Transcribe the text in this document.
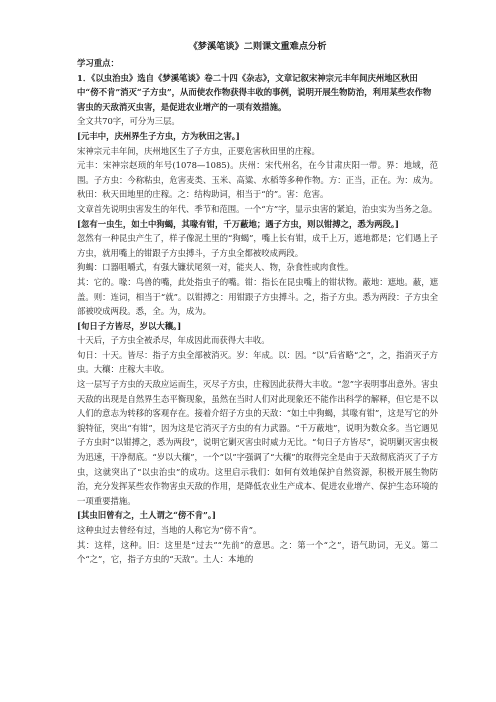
《梦溪笔谈》二则课文重难点分析
学习重点：
1．《以虫治虫》选自《梦溪笔谈》卷二十四《杂志》，文章记叙宋神宗元丰年间庆州地区秋田中“傍不肯”消灭“子方虫”，从而使农作物获得丰收的事例，说明开展生物防治，利用某些农作物害虫的天敌消灭虫害，是促进农业增产的一项有效措施。
全文共70字，可分为三层。
[元丰中，庆州界生子方虫，方为秋田之害。]
宋神宗元丰年间，庆州地区生了子方虫，正要危害秋田里的庄稼。
元丰：宋神宗赵顼的年号(1078—1085)。庆州：宋代州名，在今甘肃庆阳一带。界：地域，范围。子方虫：今称粘虫，危害麦类、玉米、高粱、水稻等多种作物。方：正当，正在。为：成为。秋田：秋天田地里的庄稼。之：结构助词，相当于“的”。害：危害。
文章首先说明虫害发生的年代、季节和范围。一个“方”字，显示虫害的紧迫，治虫实为当务之急。
[忽有一虫生，如土中狗蝎，其喙有钳，千万蔽地；遇子方虫，则以钳搏之，悉为两段。]
忽然有一种昆虫产生了，样子像泥土里的“狗蝎”，嘴上长有钳，成千上万，遮地都是；它们遇上子方虫，就用嘴上的钳跟子方虫搏斗，子方虫全都被咬成两段。
狗蝎：口器咀嚼式，有强大镰状尾须一对，能夹人、物，杂食性或肉食性。
其：它的。喙：鸟兽的嘴，此处指虫子的嘴。钳：指长在昆虫嘴上的钳状物。蔽地：遮地。蔽，遮盖。则：连词，相当于“就”。以钳搏之：用钳跟子方虫搏斗。之，指子方虫。悉为两段：子方虫全部被咬成两段。悉，全。为，成为。
[旬日子方皆尽，岁以大穰。]
十天后，子方虫全被杀尽，年成因此而获得大丰收。
旬日：十天。皆尽：指子方虫全部被消灭。岁：年成。以：因。“以”后省略“之”，之，指消灭子方虫。大穰：庄稼大丰收。
这一层写子方虫的天敌应运而生，灭尽子方虫，庄稼因此获得大丰收。“忽”字表明事出意外。害虫天敌的出现是自然界生态平衡现象，虽然在当时人们对此现象还不能作出科学的解释，但它是不以人们的意志为转移的客观存在。接着介绍子方虫的天敌：“如土中狗蝎，其喙有钳”，这是写它的外貌特征，突出“有钳”，因为这是它消灭子方虫的有力武器。“千万蔽地”，说明为数众多。当它遇见子方虫时“以钳搏之，悉为两段”，说明它剿灭害虫时威力无比。“旬日子方皆尽”，说明剿灭害虫极为迅速，干净彻底。“岁以大穰”，一个“以”字强调了“大穰”的取得完全是由于天敌彻底消灭了子方虫，这就突出了“以虫治虫”的成功。这里启示我们：如何有效地保护自然资源，积极开展生物防治，充分发挥某些农作物害虫天敌的作用，是降低农业生产成本、促进农业增产、保护生态环境的一项重要措施。
[其虫旧曾有之，土人谓之“傍不肯”。]
这种虫过去曾经有过，当地的人称它为“傍不肯”。
其：这样，这种。旧：这里是“过去”“先前”的意思。之：第一个“之”，语气助词，无义。第二个“之”，它，指子方虫的“天敌”。土人：本地的
